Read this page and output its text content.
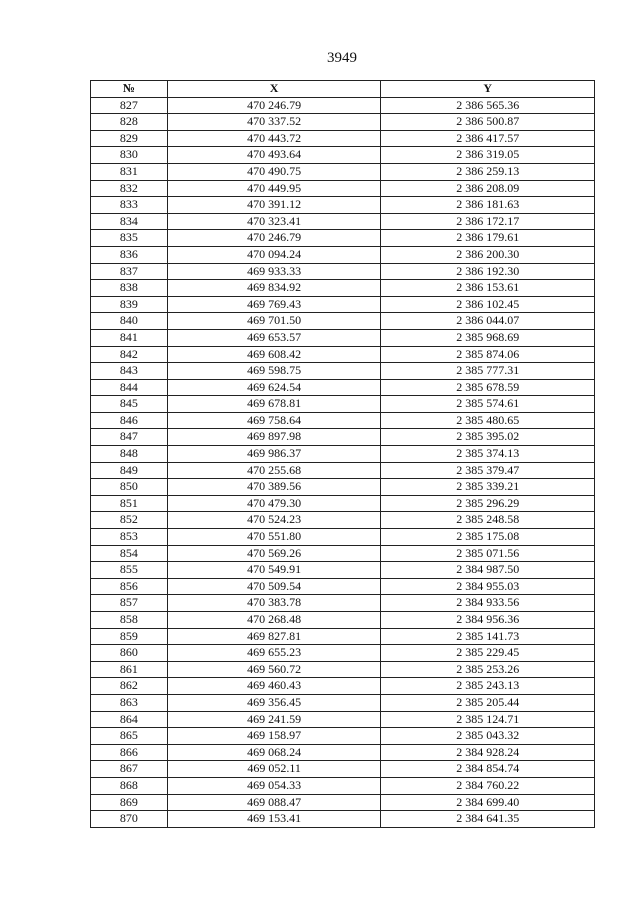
3949
№	X	Y
827	470 246.79	2 386 565.36
828	470 337.52	2 386 500.87
829	470 443.72	2 386 417.57
830	470 493.64	2 386 319.05
831	470 490.75	2 386 259.13
832	470 449.95	2 386 208.09
833	470 391.12	2 386 181.63
834	470 323.41	2 386 172.17
835	470 246.79	2 386 179.61
836	470 094.24	2 386 200.30
837	469 933.33	2 386 192.30
838	469 834.92	2 386 153.61
839	469 769.43	2 386 102.45
840	469 701.50	2 386 044.07
841	469 653.57	2 385 968.69
842	469 608.42	2 385 874.06
843	469 598.75	2 385 777.31
844	469 624.54	2 385 678.59
845	469 678.81	2 385 574.61
846	469 758.64	2 385 480.65
847	469 897.98	2 385 395.02
848	469 986.37	2 385 374.13
849	470 255.68	2 385 379.47
850	470 389.56	2 385 339.21
851	470 479.30	2 385 296.29
852	470 524.23	2 385 248.58
853	470 551.80	2 385 175.08
854	470 569.26	2 385 071.56
855	470 549.91	2 384 987.50
856	470 509.54	2 384 955.03
857	470 383.78	2 384 933.56
858	470 268.48	2 384 956.36
859	469 827.81	2 385 141.73
860	469 655.23	2 385 229.45
861	469 560.72	2 385 253.26
862	469 460.43	2 385 243.13
863	469 356.45	2 385 205.44
864	469 241.59	2 385 124.71
865	469 158.97	2 385 043.32
866	469 068.24	2 384 928.24
867	469 052.11	2 384 854.74
868	469 054.33	2 384 760.22
869	469 088.47	2 384 699.40
870	469 153.41	2 384 641.35
